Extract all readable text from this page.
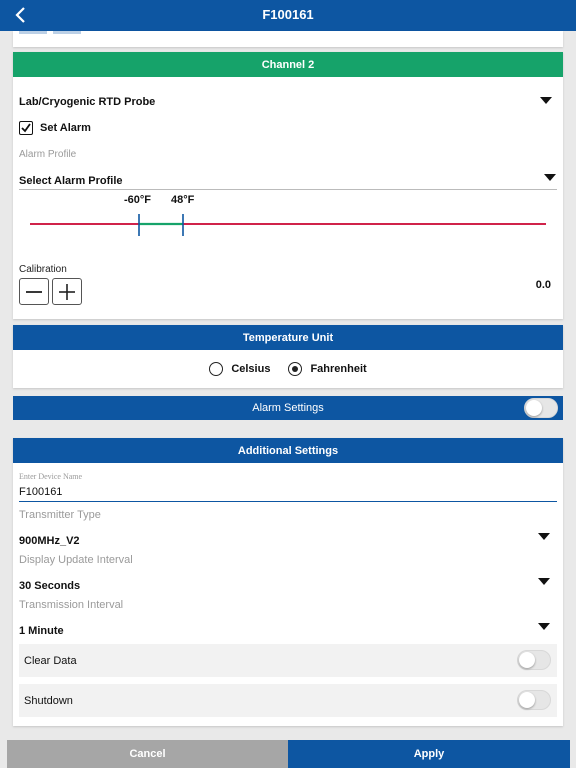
F100161
Channel 2
Lab/Cryogenic RTD Probe
Set Alarm
Alarm Profile
Select Alarm Profile
-60°F 48°F
Calibration
0.0
Temperature Unit
Celsius	Fahrenheit
Alarm Settings
Additional Settings
Enter Device Name
F100161
Transmitter Type
900MHz_V2
Display Update Interval
30 Seconds
Transmission Interval
1 Minute
Clear Data
Shutdown
Cancel	Apply
